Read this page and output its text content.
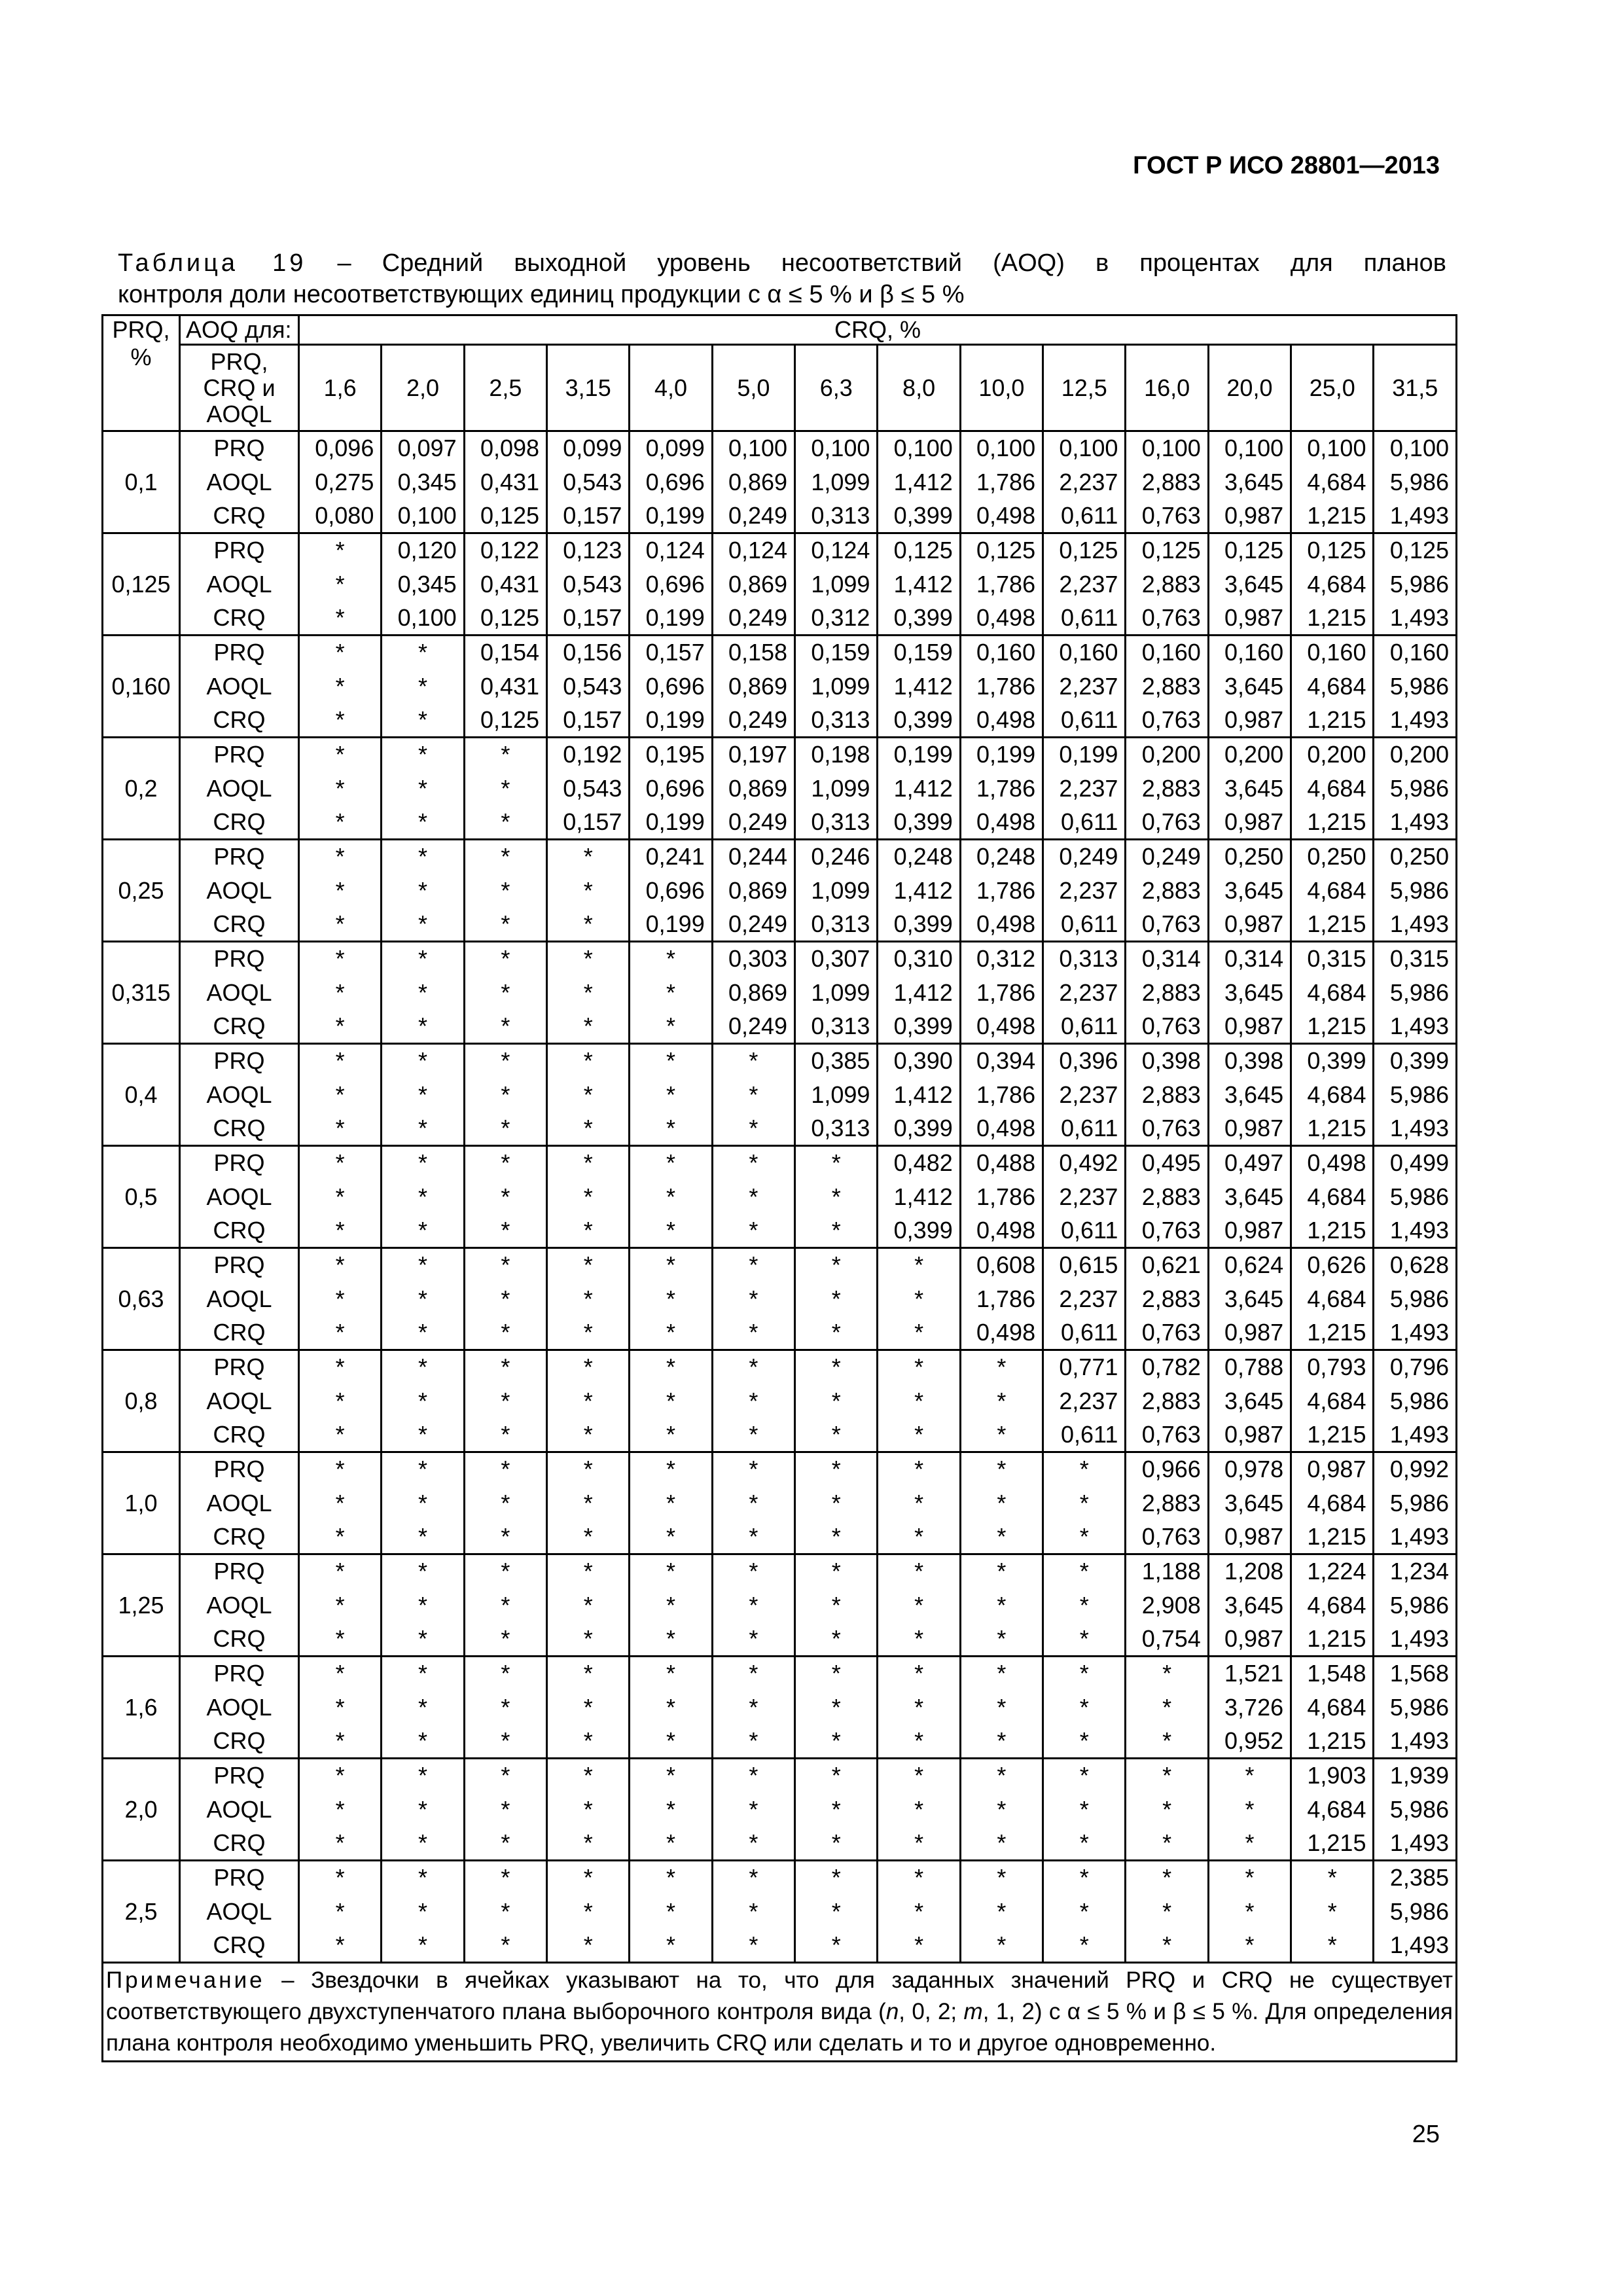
ГОСТ Р ИСО 28801—2013
Таблица 19 – Средний выходной уровень несоответствий (AOQ) в процентах для планов
контроля доли несоответствующих единиц продукции с α ≤ 5 % и β ≤ 5 %
PRQ, %	AOQ для:	CRQ, %													
	PRQ, CRQ и AOQL	1,6	2,0	2,5	3,15	4,0	5,0	6,3	8,0	10,0	12,5	16,0	20,0	25,0	31,5
0,1	PRQ	0,096	0,097	0,098	0,099	0,099	0,100	0,100	0,100	0,100	0,100	0,100	0,100	0,100	0,100
	AOQL	0,275	0,345	0,431	0,543	0,696	0,869	1,099	1,412	1,786	2,237	2,883	3,645	4,684	5,986
	CRQ	0,080	0,100	0,125	0,157	0,199	0,249	0,313	0,399	0,498	0,611	0,763	0,987	1,215	1,493
0,125	PRQ	*	0,120	0,122	0,123	0,124	0,124	0,124	0,125	0,125	0,125	0,125	0,125	0,125	0,125
	AOQL	*	0,345	0,431	0,543	0,696	0,869	1,099	1,412	1,786	2,237	2,883	3,645	4,684	5,986
	CRQ	*	0,100	0,125	0,157	0,199	0,249	0,312	0,399	0,498	0,611	0,763	0,987	1,215	1,493
0,160	PRQ	*	*	0,154	0,156	0,157	0,158	0,159	0,159	0,160	0,160	0,160	0,160	0,160	0,160
	AOQL	*	*	0,431	0,543	0,696	0,869	1,099	1,412	1,786	2,237	2,883	3,645	4,684	5,986
	CRQ	*	*	0,125	0,157	0,199	0,249	0,313	0,399	0,498	0,611	0,763	0,987	1,215	1,493
0,2	PRQ	*	*	*	0,192	0,195	0,197	0,198	0,199	0,199	0,199	0,200	0,200	0,200	0,200
	AOQL	*	*	*	0,543	0,696	0,869	1,099	1,412	1,786	2,237	2,883	3,645	4,684	5,986
	CRQ	*	*	*	0,157	0,199	0,249	0,313	0,399	0,498	0,611	0,763	0,987	1,215	1,493
0,25	PRQ	*	*	*	*	0,241	0,244	0,246	0,248	0,248	0,249	0,249	0,250	0,250	0,250
	AOQL	*	*	*	*	0,696	0,869	1,099	1,412	1,786	2,237	2,883	3,645	4,684	5,986
	CRQ	*	*	*	*	0,199	0,249	0,313	0,399	0,498	0,611	0,763	0,987	1,215	1,493
0,315	PRQ	*	*	*	*	*	0,303	0,307	0,310	0,312	0,313	0,314	0,314	0,315	0,315
	AOQL	*	*	*	*	*	0,869	1,099	1,412	1,786	2,237	2,883	3,645	4,684	5,986
	CRQ	*	*	*	*	*	0,249	0,313	0,399	0,498	0,611	0,763	0,987	1,215	1,493
0,4	PRQ	*	*	*	*	*	*	0,385	0,390	0,394	0,396	0,398	0,398	0,399	0,399
	AOQL	*	*	*	*	*	*	1,099	1,412	1,786	2,237	2,883	3,645	4,684	5,986
	CRQ	*	*	*	*	*	*	0,313	0,399	0,498	0,611	0,763	0,987	1,215	1,493
0,5	PRQ	*	*	*	*	*	*	*	0,482	0,488	0,492	0,495	0,497	0,498	0,499
	AOQL	*	*	*	*	*	*	*	1,412	1,786	2,237	2,883	3,645	4,684	5,986
	CRQ	*	*	*	*	*	*	*	0,399	0,498	0,611	0,763	0,987	1,215	1,493
0,63	PRQ	*	*	*	*	*	*	*	*	0,608	0,615	0,621	0,624	0,626	0,628
	AOQL	*	*	*	*	*	*	*	*	1,786	2,237	2,883	3,645	4,684	5,986
	CRQ	*	*	*	*	*	*	*	*	0,498	0,611	0,763	0,987	1,215	1,493
0,8	PRQ	*	*	*	*	*	*	*	*	*	0,771	0,782	0,788	0,793	0,796
	AOQL	*	*	*	*	*	*	*	*	*	2,237	2,883	3,645	4,684	5,986
	CRQ	*	*	*	*	*	*	*	*	*	0,611	0,763	0,987	1,215	1,493
1,0	PRQ	*	*	*	*	*	*	*	*	*	*	0,966	0,978	0,987	0,992
	AOQL	*	*	*	*	*	*	*	*	*	*	2,883	3,645	4,684	5,986
	CRQ	*	*	*	*	*	*	*	*	*	*	0,763	0,987	1,215	1,493
1,25	PRQ	*	*	*	*	*	*	*	*	*	*	1,188	1,208	1,224	1,234
	AOQL	*	*	*	*	*	*	*	*	*	*	2,908	3,645	4,684	5,986
	CRQ	*	*	*	*	*	*	*	*	*	*	0,754	0,987	1,215	1,493
1,6	PRQ	*	*	*	*	*	*	*	*	*	*	*	1,521	1,548	1,568
	AOQL	*	*	*	*	*	*	*	*	*	*	*	3,726	4,684	5,986
	CRQ	*	*	*	*	*	*	*	*	*	*	*	0,952	1,215	1,493
2,0	PRQ	*	*	*	*	*	*	*	*	*	*	*	*	1,903	1,939
	AOQL	*	*	*	*	*	*	*	*	*	*	*	*	4,684	5,986
	CRQ	*	*	*	*	*	*	*	*	*	*	*	*	1,215	1,493
2,5	PRQ	*	*	*	*	*	*	*	*	*	*	*	*	*	2,385
	AOQL	*	*	*	*	*	*	*	*	*	*	*	*	*	5,986
	CRQ	*	*	*	*	*	*	*	*	*	*	*	*	*	1,493
Примечание – Звездочки в ячейках указывают на то, что для заданных значений PRQ и CRQ не существует соответствующего двухступенчатого плана выборочного контроля вида (n, 0, 2; m, 1, 2) с α ≤ 5 % и β ≤ 5 %. Для определения плана контроля необходимо уменьшить PRQ, увеличить CRQ или сделать и то и другое одновременно.															
25
